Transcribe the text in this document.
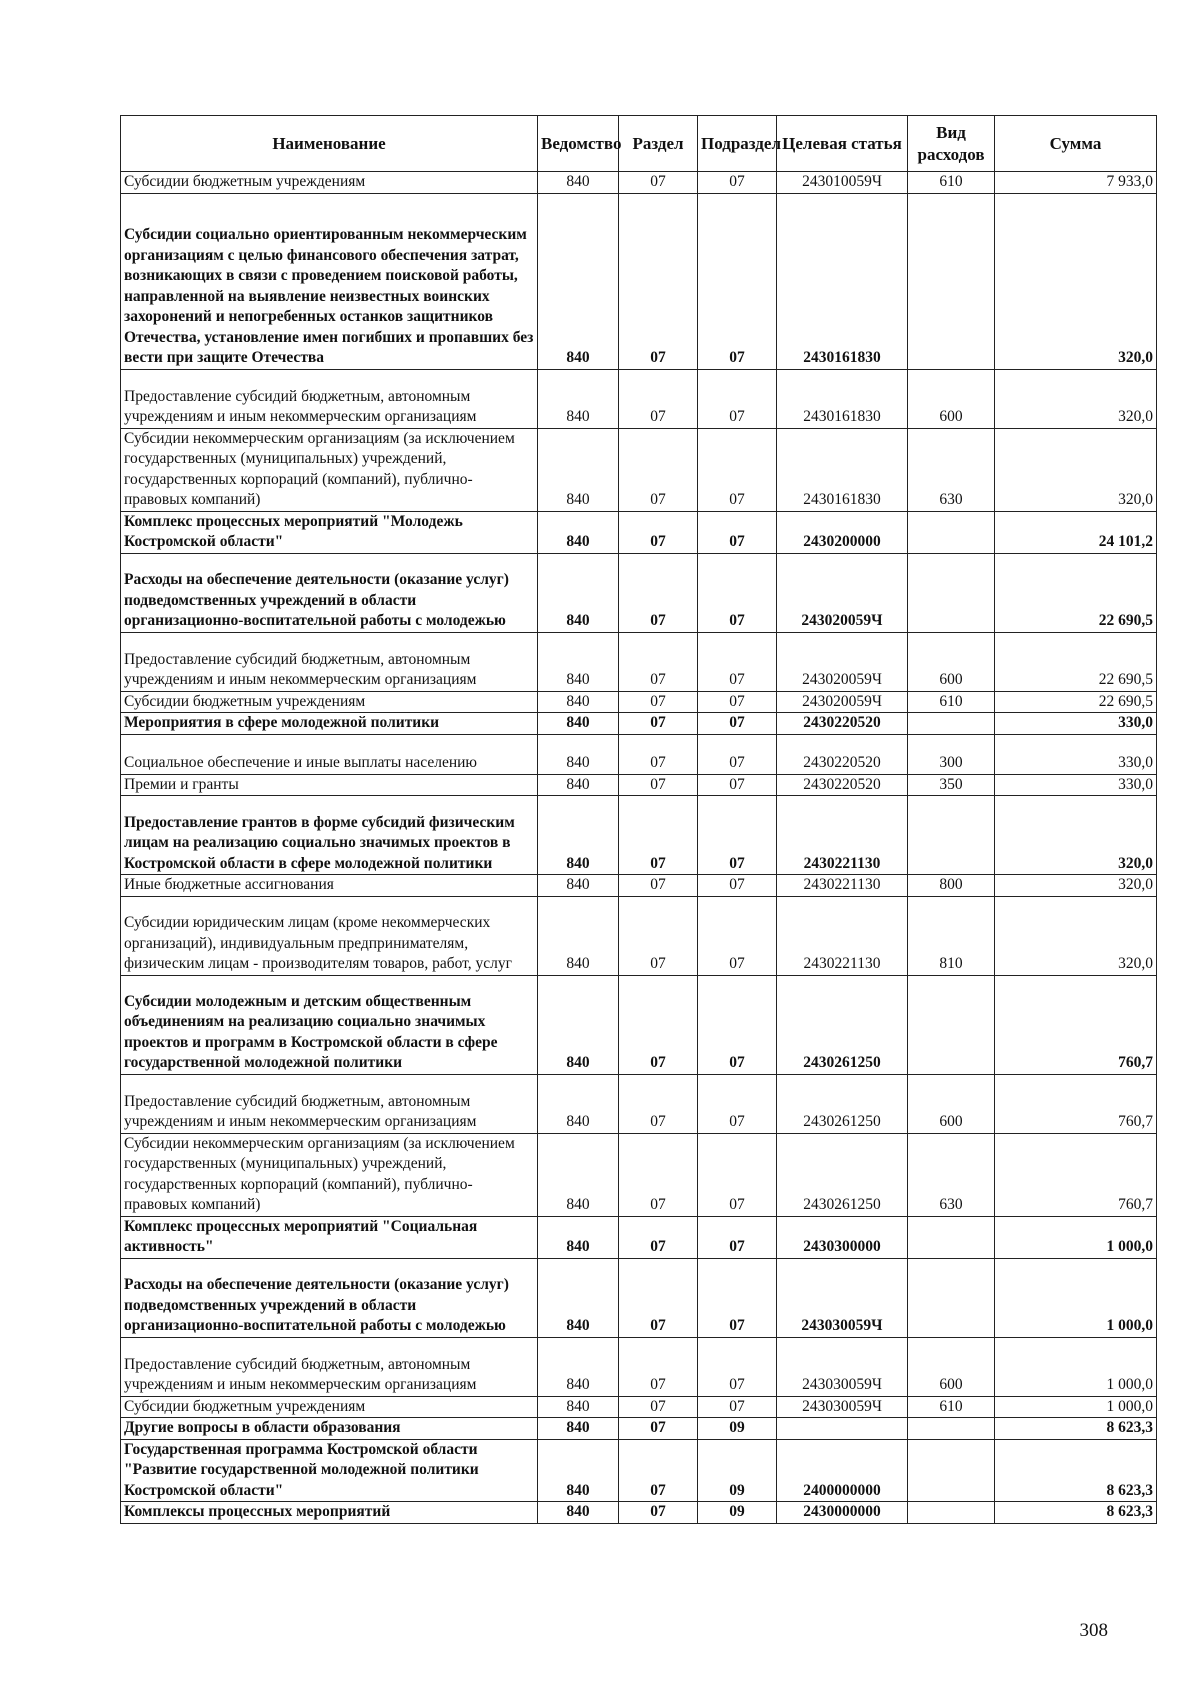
Наименование	Ведомство	Раздел	Подраздел	Целевая статья	Вид расходов	Сумма
Субсидии бюджетным учреждениям	840	07	07	243010059Ч	610	7 933,0
Субсидии социально ориентированным некоммерческим организациям с целью финансового обеспечения затрат, возникающих в связи с проведением поисковой работы, направленной на выявление неизвестных воинских захоронений и непогребенных останков защитников Отечества, установление имен погибших и пропавших без вести при защите Отечества	840	07	07	2430161830		320,0
Предоставление субсидий бюджетным, автономным учреждениям и иным некоммерческим организациям	840	07	07	2430161830	600	320,0
Субсидии некоммерческим организациям (за исключением государственных (муниципальных) учреждений, государственных корпораций (компаний), публично-правовых компаний)	840	07	07	2430161830	630	320,0
Комплекс процессных мероприятий "Молодежь Костромской области"	840	07	07	2430200000		24 101,2
Расходы на обеспечение деятельности (оказание услуг) подведомственных учреждений в области организационно-воспитательной работы с молодежью	840	07	07	243020059Ч		22 690,5
Предоставление субсидий бюджетным, автономным учреждениям и иным некоммерческим организациям	840	07	07	243020059Ч	600	22 690,5
Субсидии бюджетным учреждениям	840	07	07	243020059Ч	610	22 690,5
Мероприятия в сфере молодежной политики	840	07	07	2430220520		330,0
Социальное обеспечение и иные выплаты населению	840	07	07	2430220520	300	330,0
Премии и гранты	840	07	07	2430220520	350	330,0
Предоставление грантов в форме субсидий физическим лицам на реализацию социально значимых проектов в Костромской области в сфере молодежной политики	840	07	07	2430221130		320,0
Иные бюджетные ассигнования	840	07	07	2430221130	800	320,0
Субсидии юридическим лицам (кроме некоммерческих организаций), индивидуальным предпринимателям, физическим лицам - производителям товаров, работ, услуг	840	07	07	2430221130	810	320,0
Субсидии молодежным и детским общественным объединениям на реализацию социально значимых проектов и программ в Костромской области в сфере государственной молодежной политики	840	07	07	2430261250		760,7
Предоставление субсидий бюджетным, автономным учреждениям и иным некоммерческим организациям	840	07	07	2430261250	600	760,7
Субсидии некоммерческим организациям (за исключением государственных (муниципальных) учреждений, государственных корпораций (компаний), публично-правовых компаний)	840	07	07	2430261250	630	760,7
Комплекс процессных мероприятий "Социальная активность"	840	07	07	2430300000		1 000,0
Расходы на обеспечение деятельности (оказание услуг) подведомственных учреждений в области организационно-воспитательной работы с молодежью	840	07	07	243030059Ч		1 000,0
Предоставление субсидий бюджетным, автономным учреждениям и иным некоммерческим организациям	840	07	07	243030059Ч	600	1 000,0
Субсидии бюджетным учреждениям	840	07	07	243030059Ч	610	1 000,0
Другие вопросы в области образования	840	07	09			8 623,3
Государственная программа Костромской области "Развитие государственной молодежной политики Костромской области"	840	07	09	2400000000		8 623,3
Комплексы процессных мероприятий	840	07	09	2430000000		8 623,3
308
